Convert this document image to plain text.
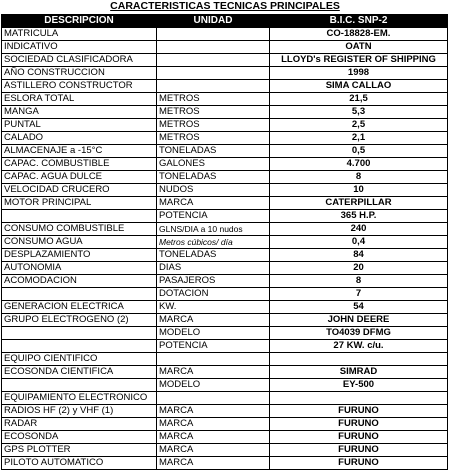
CARACTERISTICAS TECNICAS PRINCIPALES
DESCRIPCION	UNIDAD	B.I.C. SNP-2
MATRICULA		CO-18828-EM.
INDICATIVO		OATN
SOCIEDAD CLASIFICADORA		LLOYD's REGISTER OF SHIPPING
AÑO CONSTRUCCION		1998
ASTILLERO CONSTRUCTOR		SIMA CALLAO
ESLORA TOTAL	METROS	21,5
MANGA	METROS	5,3
PUNTAL	METROS	2,5
CALADO	METROS	2,1
ALMACENAJE a -15°C	TONELADAS	0,5
CAPAC. COMBUSTIBLE	GALONES	4.700
CAPAC. AGUA DULCE	TONELADAS	8
VELOCIDAD CRUCERO	NUDOS	10
MOTOR PRINCIPAL	MARCA	CATERPILLAR
	POTENCIA	365 H.P.
CONSUMO COMBUSTIBLE	GLNS/DIA a 10 nudos	240
CONSUMO AGUA	Metros cúbicos/ día	0,4
DESPLAZAMIENTO	TONELADAS	84
AUTONOMIA	DIAS	20
ACOMODACION	PASAJEROS	8
	DOTACION	7
GENERACION ELECTRICA	KW.	54
GRUPO ELECTROGENO (2)	MARCA	JOHN DEERE
	MODELO	TO4039 DFMG
	POTENCIA	27 KW. c/u.
EQUIPO CIENTIFICO		
ECOSONDA CIENTIFICA	MARCA	SIMRAD
	MODELO	EY-500
EQUIPAMIENTO ELECTRONICO		
RADIOS HF (2) y VHF (1)	MARCA	FURUNO
RADAR	MARCA	FURUNO
ECOSONDA	MARCA	FURUNO
GPS PLOTTER	MARCA	FURUNO
PILOTO AUTOMATICO	MARCA	FURUNO
